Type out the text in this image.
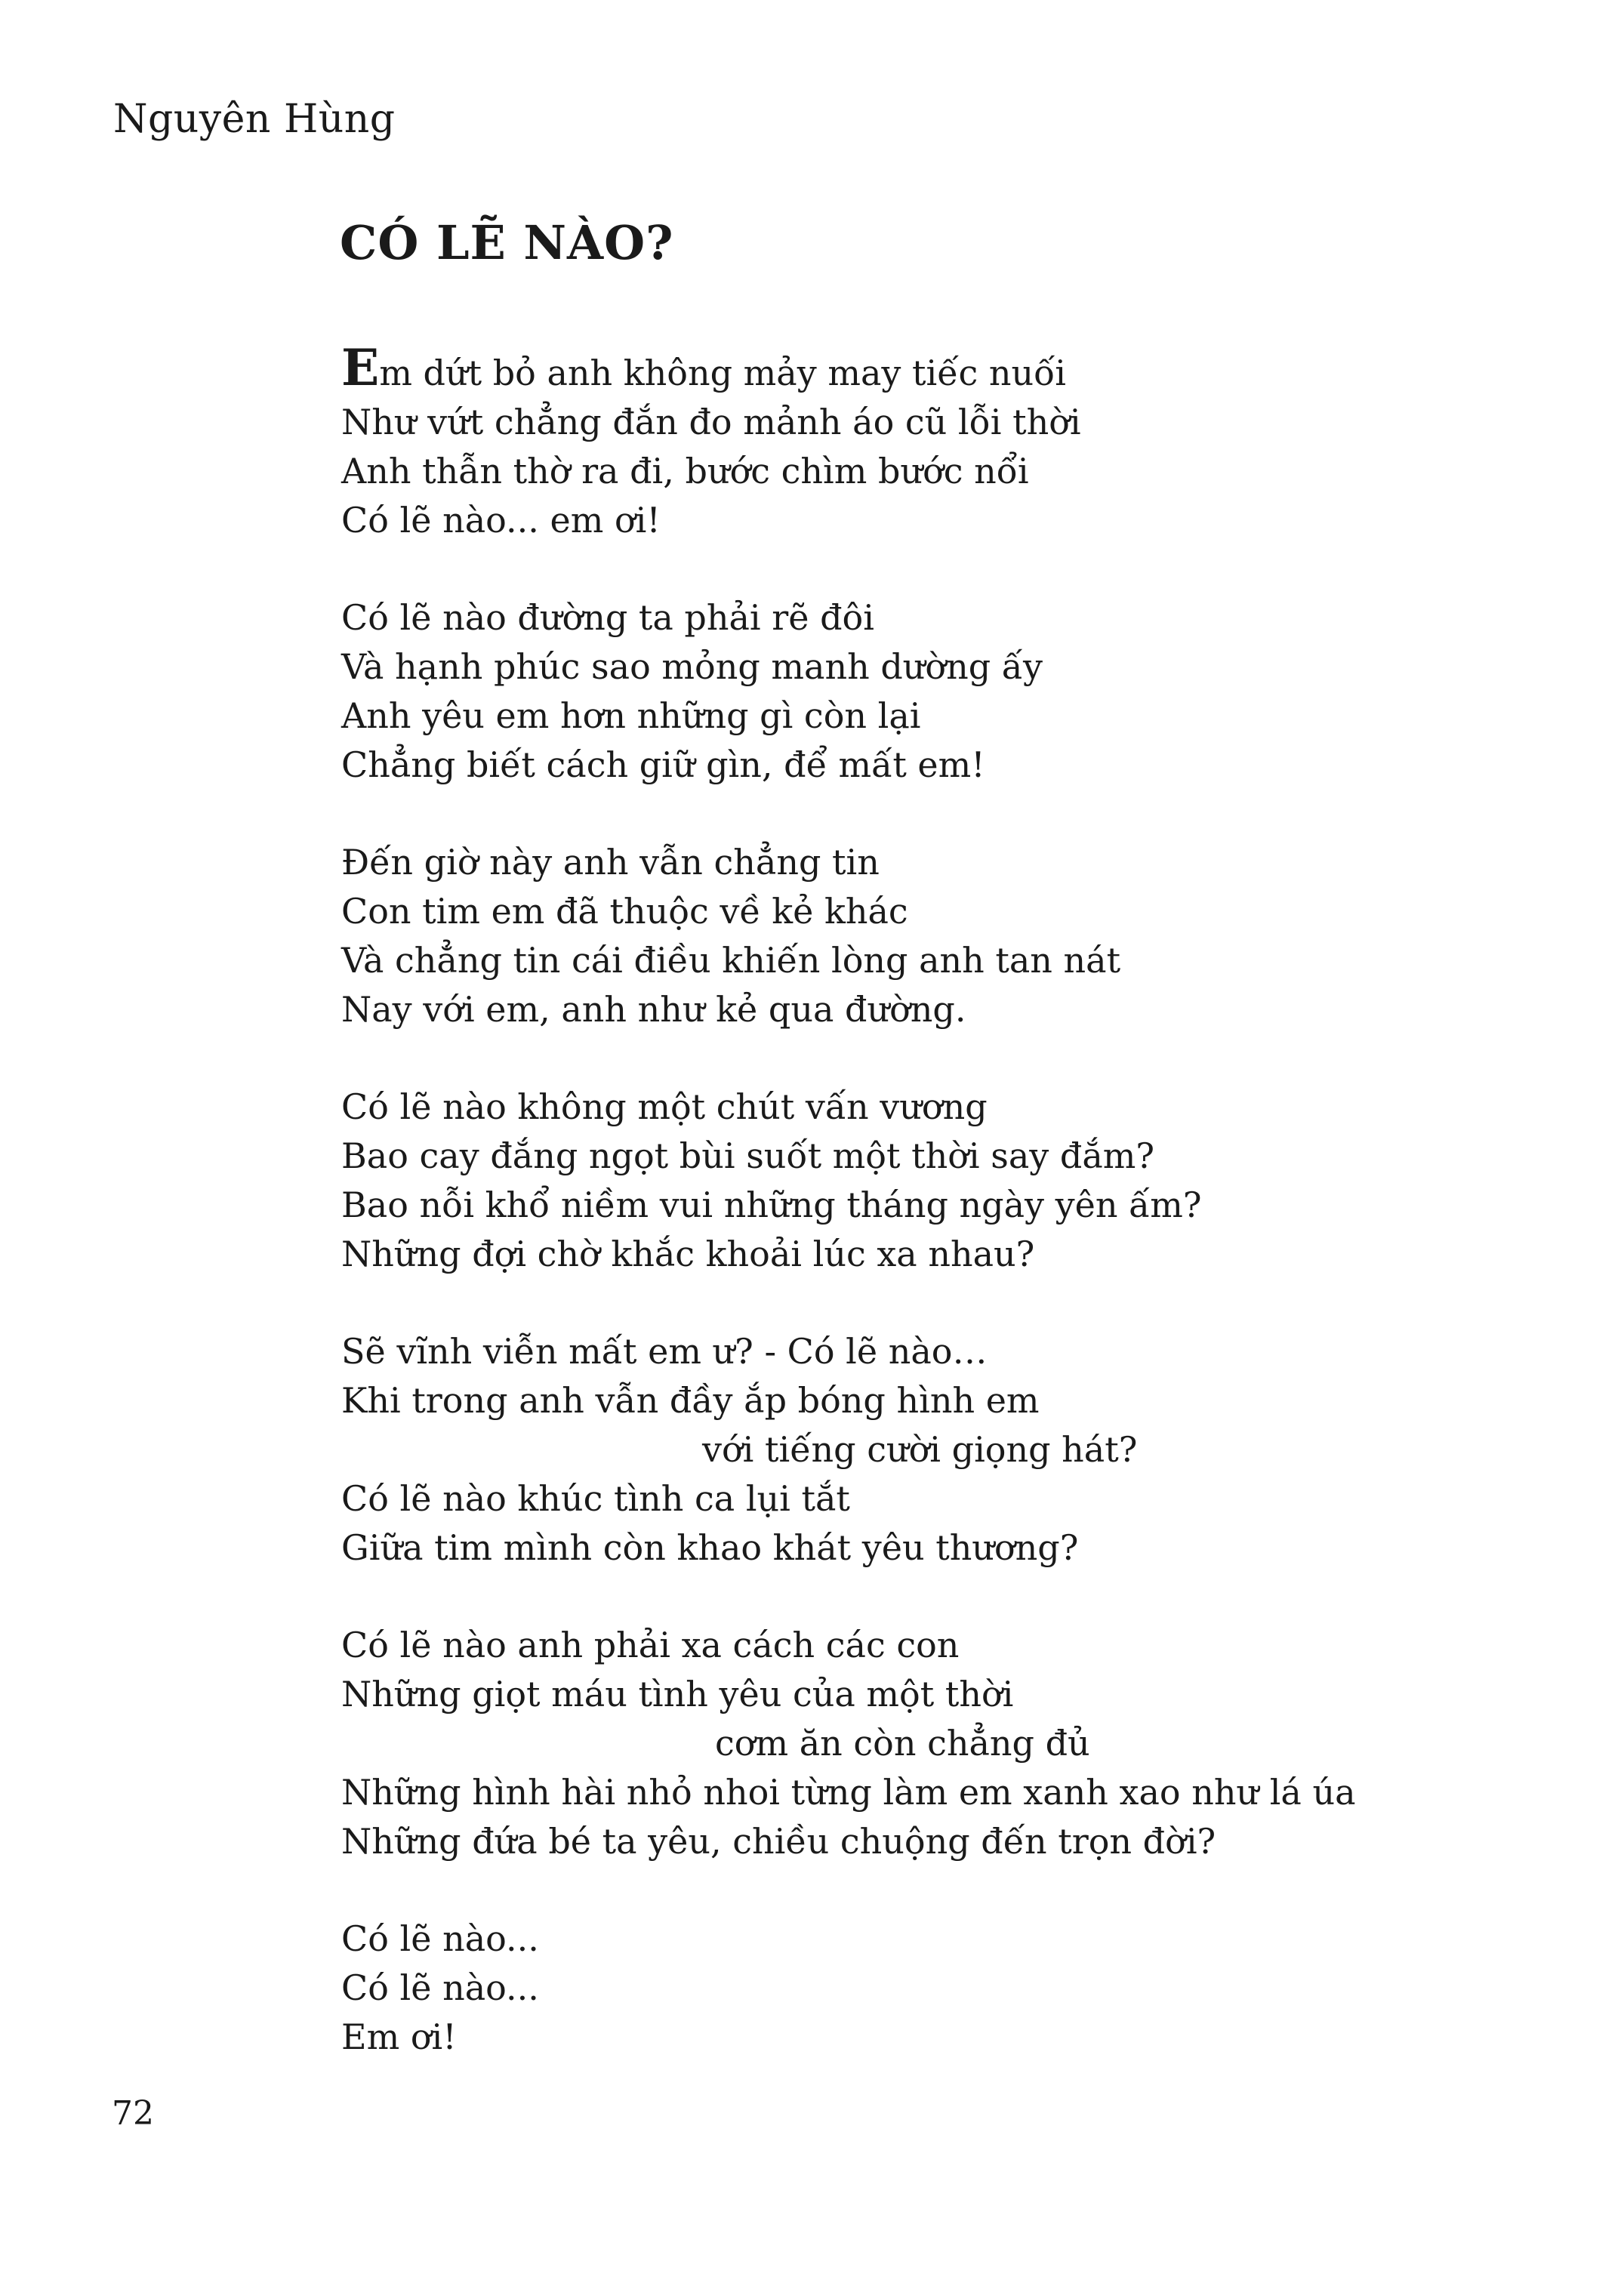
Nguyên Hùng
CÓ LẼ NÀO?
Em dứt bỏ anh không mảy may tiếc nuối
Như vứt chẳng đắn đo mảnh áo cũ lỗi thời
Anh thẫn thờ ra đi, bước chìm bước nổi
Có lẽ nào... em ơi!
Có lẽ nào đường ta phải rẽ đôi
Và hạnh phúc sao mỏng manh dường ấy
Anh yêu em hơn những gì còn lại
Chẳng biết cách giữ gìn, để mất em!
Đến giờ này anh vẫn chẳng tin
Con tim em đã thuộc về kẻ khác
Và chẳng tin cái điều khiến lòng anh tan nát
Nay với em, anh như kẻ qua đường.
Có lẽ nào không một chút vấn vương
Bao cay đắng ngọt bùi suốt một thời say đắm?
Bao nỗi khổ niềm vui những tháng ngày yên ấm?
Những đợi chờ khắc khoải lúc xa nhau?
Sẽ vĩnh viễn mất em ư? - Có lẽ nào…
Khi trong anh vẫn đầy ắp bóng hình em
với tiếng cười giọng hát?
Có lẽ nào khúc tình ca lụi tắt
Giữa tim mình còn khao khát yêu thương?
Có lẽ nào anh phải xa cách các con
Những giọt máu tình yêu của một thời
cơm ăn còn chẳng đủ
Những hình hài nhỏ nhoi từng làm em xanh xao như lá úa
Những đứa bé ta yêu, chiều chuộng đến trọn đời?
Có lẽ nào...
Có lẽ nào...
Em ơi!
72
